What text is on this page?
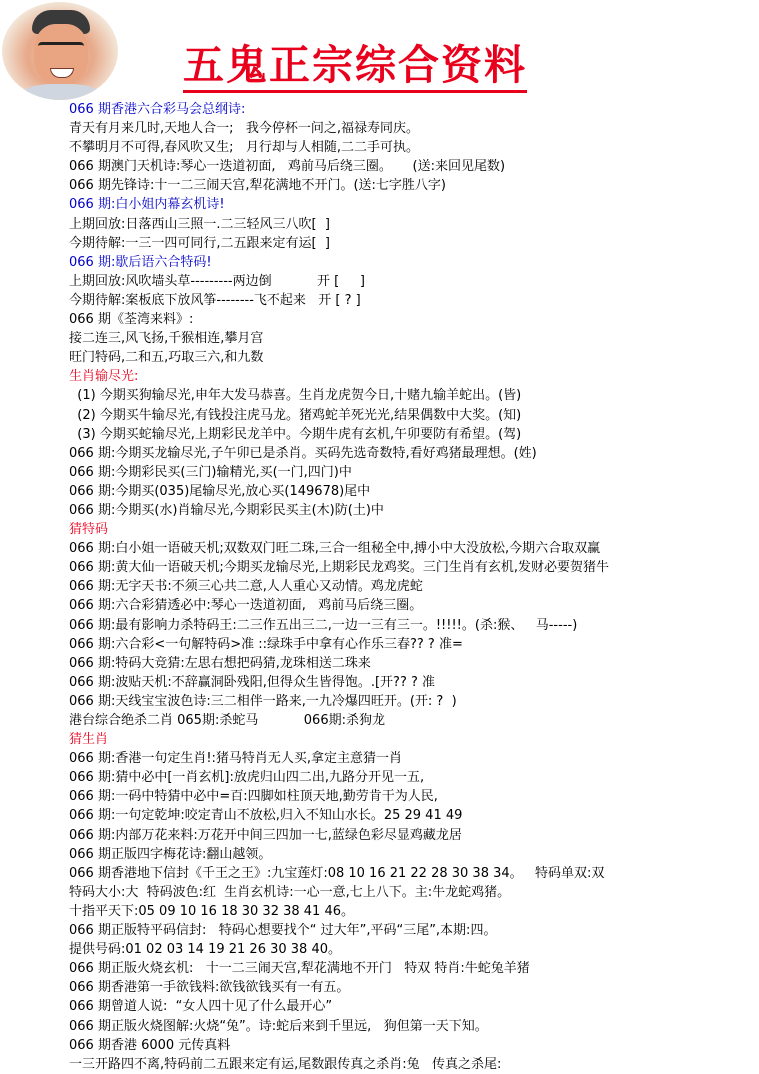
五鬼正宗综合资料
066 期香港六合彩马会总纲诗:
青天有月来几时,天地人合一;   我今停杯一问之,福禄寿同庆。
不攀明月不可得,春风吹又生;   月行却与人相随,二二手可执。
066 期澳门天机诗:琴心一迭道初面,   鸡前马后绕三圈。     (送:来回见尾数)
066 期先锋诗:十一二三闹天宫,犁花满地不开门。(送:七字胜八字)
066 期:白小姐内幕玄机诗!
上期回放:日落西山三照一.二三轻风三八吹[  ]
今期待解:一三一四可同行,二五跟来定有运[  ]
066 期:歇后语六合特码!
上期回放:风吹墙头草---------两边倒           开 [     ]
今期待解:案板底下放风筝--------飞不起来   开 [ ? ]
066 期《荃湾来料》:
接二连三,风飞扬,千猴相连,攀月宫
旺门特码,二和五,巧取三六,和九数
生肖输尽光:
(1) 今期买狗输尽光,申年大发马恭喜。生肖龙虎贺今日,十赌九输羊蛇出。(皆)
(2) 今期买牛输尽光,有钱投注虎马龙。猪鸡蛇羊死光光,结果偶数中大奖。(知)
(3) 今期买蛇输尽光,上期彩民龙羊中。今期牛虎有玄机,午卯要防有希望。(驾)
066 期:今期买龙输尽光,子午卯已是杀肖。买码先选奇数特,看好鸡猪最理想。(姓)
066 期:今期彩民买(三门)输精光,买(一门,四门)中
066 期:今期买(035)尾输尽光,放心买(149678)尾中
066 期:今期买(水)肖输尽光,今期彩民买主(木)防(土)中
猜特码
066 期:白小姐一语破天机;双数双门旺二珠,三合一组秘全中,搏小中大没放松,今期六合取双赢
066 期:黄大仙一语破天机;今期买龙输尽光,上期彩民龙鸡奖。三门生肖有玄机,发财必要贺猪牛
066 期:无字天书:不须三心共二意,人人重心又动情。鸡龙虎蛇
066 期:六合彩猜透必中:琴心一迭道初面,   鸡前马后绕三圈。
066 期:最有影响力杀特码王:二三作五出三二,一边一三有三一。!!!!!。(杀:猴、   马-----)
066 期:六合彩<一句解特码>准 ::绿珠手中拿有心作乐三春?? ? 准=
066 期:特码大竞猜:左思右想把码猜,龙珠相送二珠来
066 期:波贴天机:不辞赢洞卧残阳,但得众生皆得饱。.[开?? ? 准
066 期:天线宝宝波色诗:三二相伴一路来,一九冷爆四旺开。(开: ?  )
港台综合绝杀二肖 065期:杀蛇马           066期:杀狗龙
猜生肖
066 期:香港一句定生肖!:猪马特肖无人买,拿定主意猜一肖
066 期:猜中必中[一肖玄机]:放虎归山四二出,九路分开见一五,
066 期:一码中特猜中必中=百:四脚如柱顶天地,勤劳肯干为人民,
066 期:一句定乾坤:咬定青山不放松,归入不知山水长。25 29 41 49
066 期:内部万花来料:万花开中间三四加一七,蓝绿色彩尽显鸡藏龙居
066 期正版四字梅花诗:翻山越领。
066 期香港地下信封《千王之王》:九宝莲灯:08 10 16 21 22 28 30 38 34。   特码单双:双
特码大小:大  特码波色:红  生肖玄机诗:一心一意,七上八下。主:牛龙蛇鸡猪。
十指平天下:05 09 10 16 18 30 32 38 41 46。
066 期正版特平码信封:   特码心想要找个“ 过大年”,平码“三尾”,本期:四。
提供号码:01 02 03 14 19 21 26 30 38 40。
066 期正版火烧玄机:   十一二三闹天宫,犁花满地不开门   特双 特肖:牛蛇兔羊猪
066 期香港第一手欲钱料:欲钱欲钱买有一有五。
066 期曾道人说:  “女人四十见了什么最开心”
066 期正版火烧图解:火烧“兔”。诗:蛇后来到千里远,   狗但第一天下知。
066 期香港 6000 元传真料
一三开路四不离,特码前二五跟来定有运,尾数跟传真之杀肖:兔   传真之杀尾:
